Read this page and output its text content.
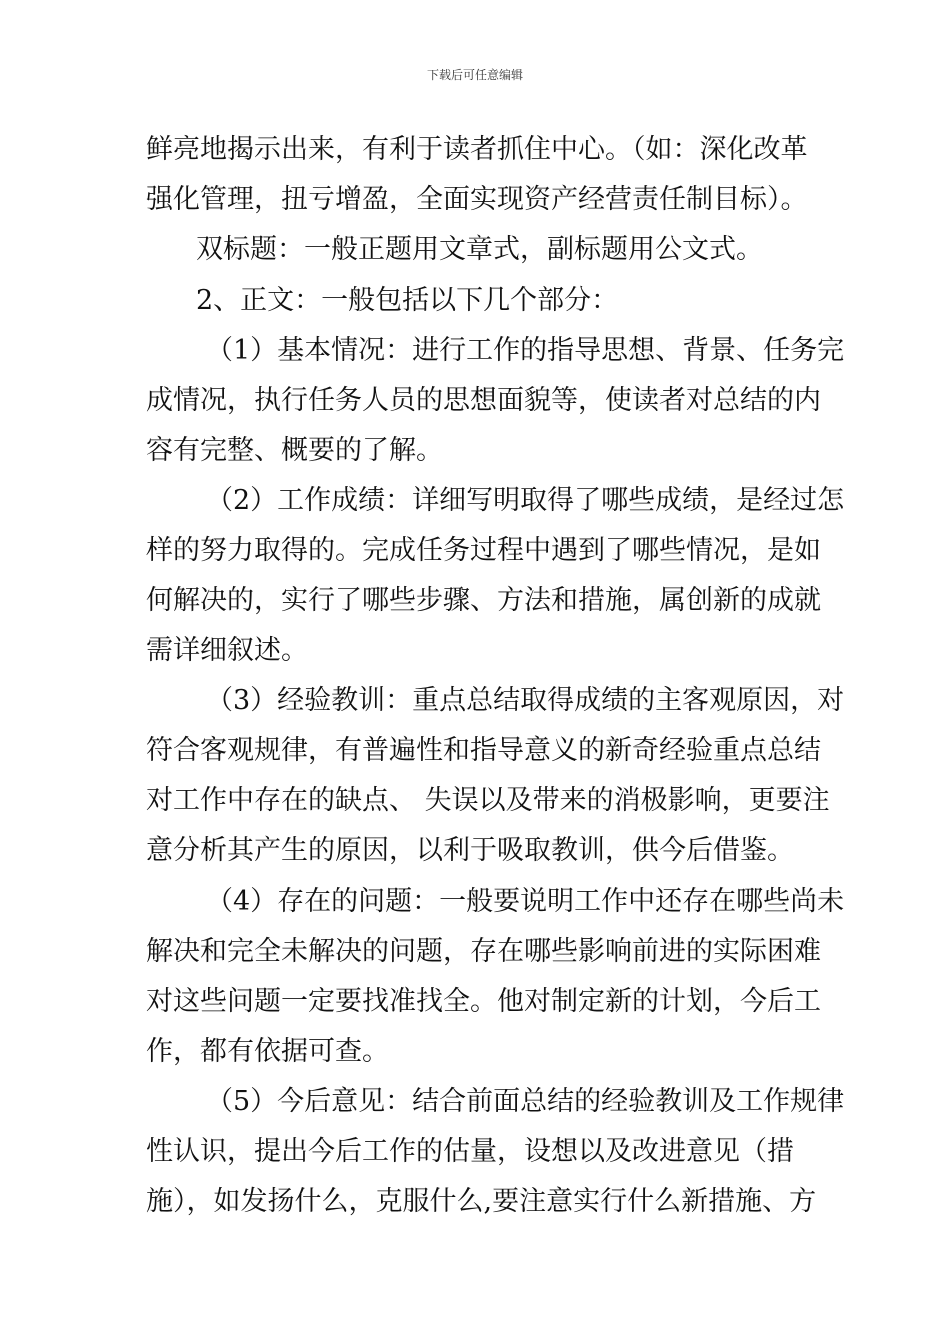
下载后可任意编辑
鲜亮地揭示出来，有利于读者抓住中心。（如：深化改革
强化管理，扭亏增盈，全面实现资产经营责任制目标）。
双标题：一般正题用文章式，副标题用公文式。
2、正文：一般包括以下几个部分：
（1）基本情况：进行工作的指导思想、背景、任务完
成情况，执行任务人员的思想面貌等，使读者对总结的内
容有完整、概要的了解。
（2）工作成绩：详细写明取得了哪些成绩，是经过怎
样的努力取得的。完成任务过程中遇到了哪些情况，是如
何解决的，实行了哪些步骤、方法和措施，属创新的成就
需详细叙述。
（3）经验教训：重点总结取得成绩的主客观原因，对
符合客观规律，有普遍性和指导意义的新奇经验重点总结
对工作中存在的缺点、 失误以及带来的消极影响，更要注
意分析其产生的原因，以利于吸取教训，供今后借鉴。
（4）存在的问题：一般要说明工作中还存在哪些尚未
解决和完全未解决的问题，存在哪些影响前进的实际困难
对这些问题一定要找准找全。他对制定新的计划，今后工
作，都有依据可查。
（5）今后意见：结合前面总结的经验教训及工作规律
性认识，提出今后工作的估量，设想以及改进意见（措
施），如发扬什么，克服什么,要注意实行什么新措施、方
